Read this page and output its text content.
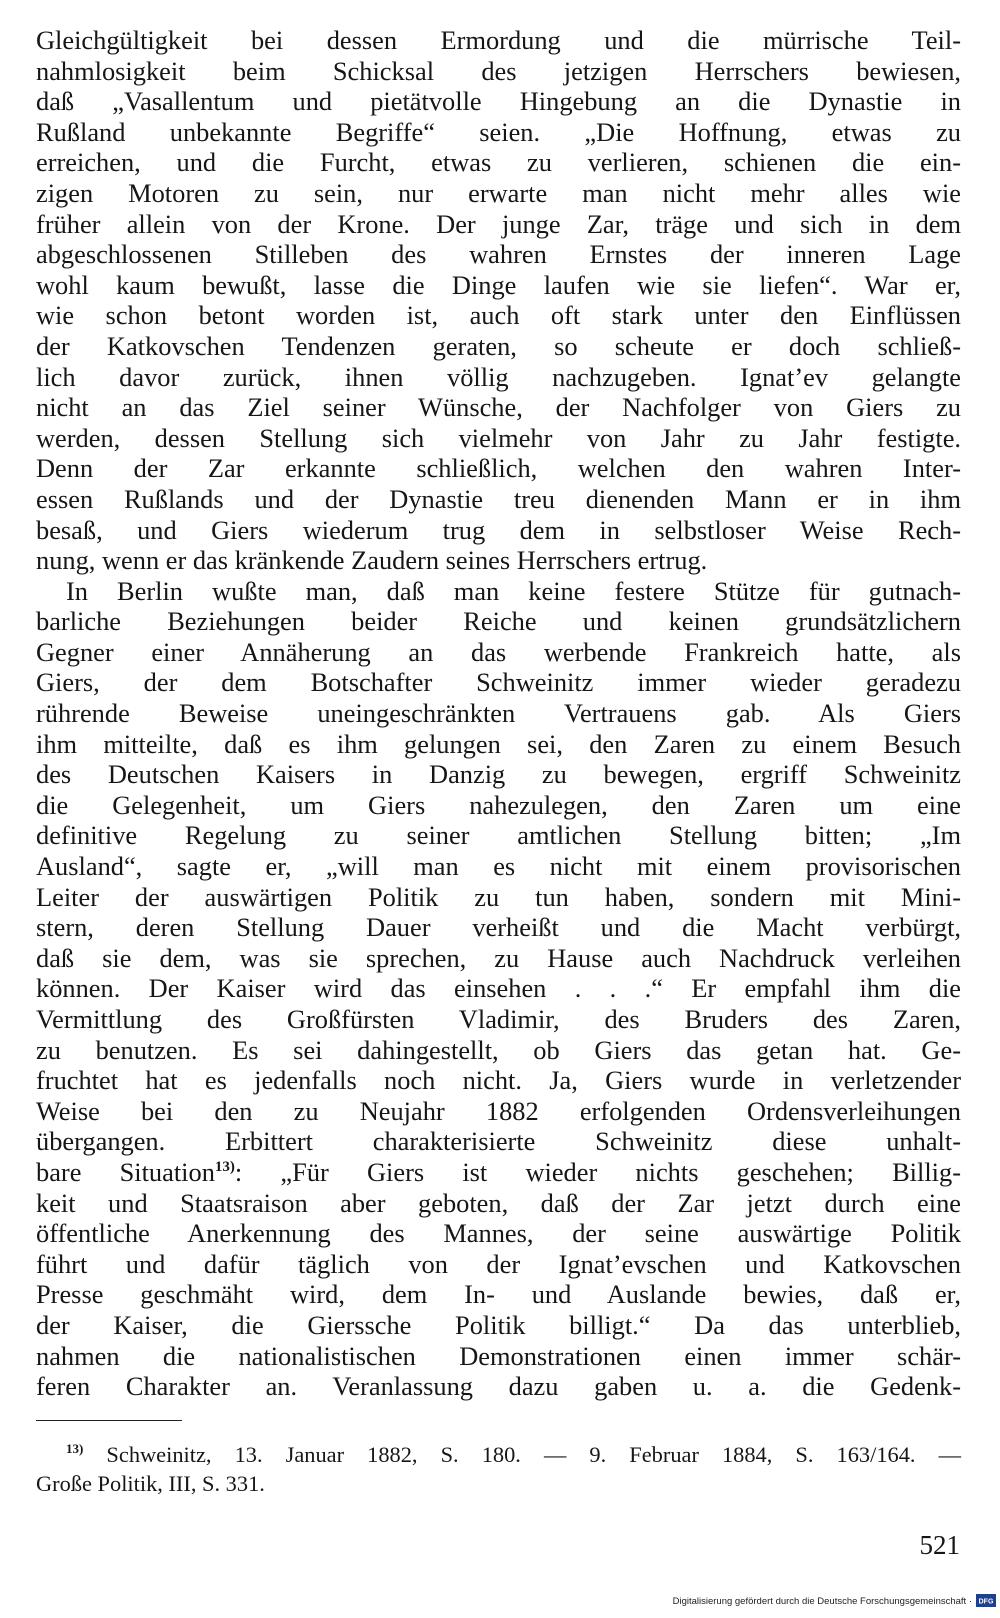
Gleichgültigkeit bei dessen Ermordung und die mürrische Teil-
nahmlosigkeit beim Schicksal des jetzigen Herrschers bewiesen,
daß „Vasallentum und pietätvolle Hingebung an die Dynastie in
Rußland unbekannte Begriffe“ seien. „Die Hoffnung, etwas zu
erreichen, und die Furcht, etwas zu verlieren, schienen die ein-
zigen Motoren zu sein, nur erwarte man nicht mehr alles wie
früher allein von der Krone. Der junge Zar, träge und sich in dem
abgeschlossenen Stilleben des wahren Ernstes der inneren Lage
wohl kaum bewußt, lasse die Dinge laufen wie sie liefen“. War er,
wie schon betont worden ist, auch oft stark unter den Einflüssen
der Katkovschen Tendenzen geraten, so scheute er doch schließ-
lich davor zurück, ihnen völlig nachzugeben. Ignat’ev gelangte
nicht an das Ziel seiner Wünsche, der Nachfolger von Giers zu
werden, dessen Stellung sich vielmehr von Jahr zu Jahr festigte.
Denn der Zar erkannte schließlich, welchen den wahren Inter-
essen Rußlands und der Dynastie treu dienenden Mann er in ihm
besaß, und Giers wiederum trug dem in selbstloser Weise Rech-
nung, wenn er das kränkende Zaudern seines Herrschers ertrug.
In Berlin wußte man, daß man keine festere Stütze für gutnach-
barliche Beziehungen beider Reiche und keinen grundsätzlichern
Gegner einer Annäherung an das werbende Frankreich hatte, als
Giers, der dem Botschafter Schweinitz immer wieder geradezu
rührende Beweise uneingeschränkten Vertrauens gab. Als Giers
ihm mitteilte, daß es ihm gelungen sei, den Zaren zu einem Besuch
des Deutschen Kaisers in Danzig zu bewegen, ergriff Schweinitz
die Gelegenheit, um Giers nahezulegen, den Zaren um eine
definitive Regelung zu seiner amtlichen Stellung bitten; „Im
Ausland“, sagte er, „will man es nicht mit einem provisorischen
Leiter der auswärtigen Politik zu tun haben, sondern mit Mini-
stern, deren Stellung Dauer verheißt und die Macht verbürgt,
daß sie dem, was sie sprechen, zu Hause auch Nachdruck verleihen
können. Der Kaiser wird das einsehen . . .“ Er empfahl ihm die
Vermittlung des Großfürsten Vladimir, des Bruders des Zaren,
zu benutzen. Es sei dahingestellt, ob Giers das getan hat. Ge-
fruchtet hat es jedenfalls noch nicht. Ja, Giers wurde in verletzender
Weise bei den zu Neujahr 1882 erfolgenden Ordensverleihungen
übergangen. Erbittert charakterisierte Schweinitz diese unhalt-
bare Situation$^{13)}$: „Für Giers ist wieder nichts geschehen; Billig-
keit und Staatsraison aber geboten, daß der Zar jetzt durch eine
öffentliche Anerkennung des Mannes, der seine auswärtige Politik
führt und dafür täglich von der Ignat’evschen und Katkovschen
Presse geschmäht wird, dem In- und Auslande bewies, daß er,
der Kaiser, die Gierssche Politik billigt.“ Da das unterblieb,
nahmen die nationalistischen Demonstrationen einen immer schär-
feren Charakter an. Veranlassung dazu gaben u. a. die Gedenk-
$^{13)}$ Schweinitz, 13. Januar 1882, S. 180. — 9. Februar 1884, S. 163/164. —
Große Politik, III, S. 331.
521
Digitalisierung gefördert durch die Deutsche Forschungsgemeinschaft · DFG
